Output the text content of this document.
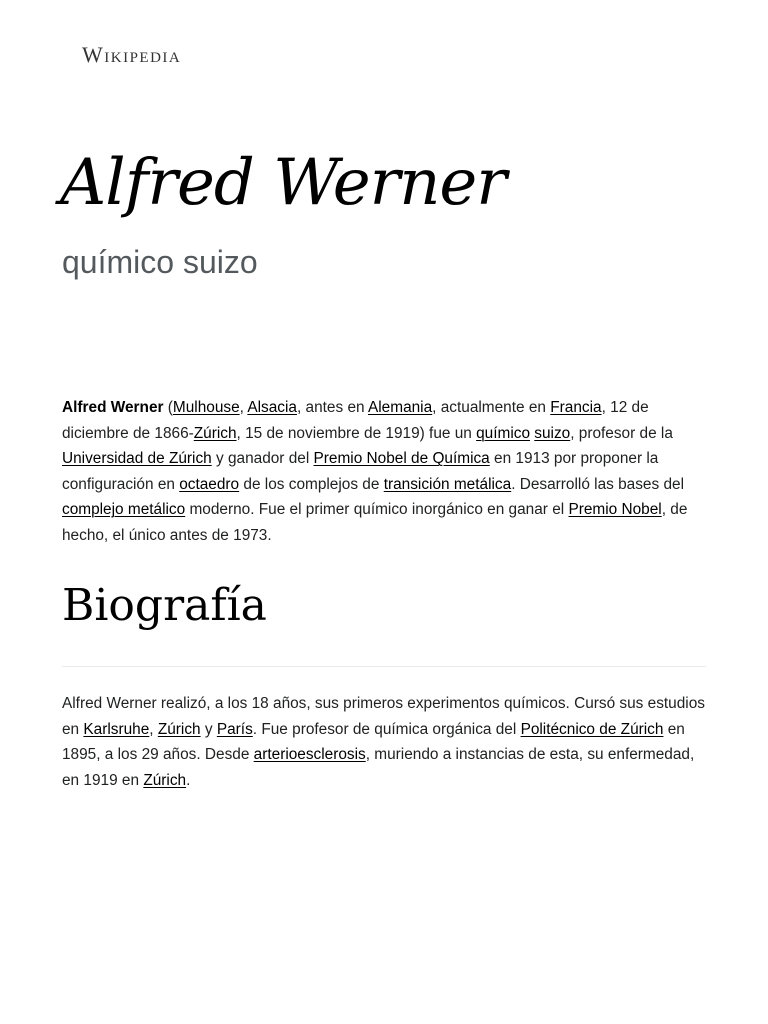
Wikipedia
Alfred Werner
químico suizo

Alfred Werner (Mulhouse, Alsacia, antes en Alemania, actualmente en Francia, 12 de diciembre de 1866-Zúrich, 15 de noviembre de 1919) fue un químico suizo, profesor de la Universidad de Zúrich y ganador del Premio Nobel de Química en 1913 por proponer la configuración en octaedro de los complejos de transición metálica. Desarrolló las bases del complejo metálico moderno. Fue el primer químico inorgánico en ganar el Premio Nobel, de hecho, el único antes de 1973.

Biografía

Alfred Werner realizó, a los 18 años, sus primeros experimentos químicos. Cursó sus estudios en Karlsruhe, Zúrich y París. Fue profesor de química orgánica del Politécnico de Zúrich en 1895, a los 29 años. Desde arterioesclerosis, muriendo a instancias de esta, su enfermedad, en 1919 en Zúrich.
